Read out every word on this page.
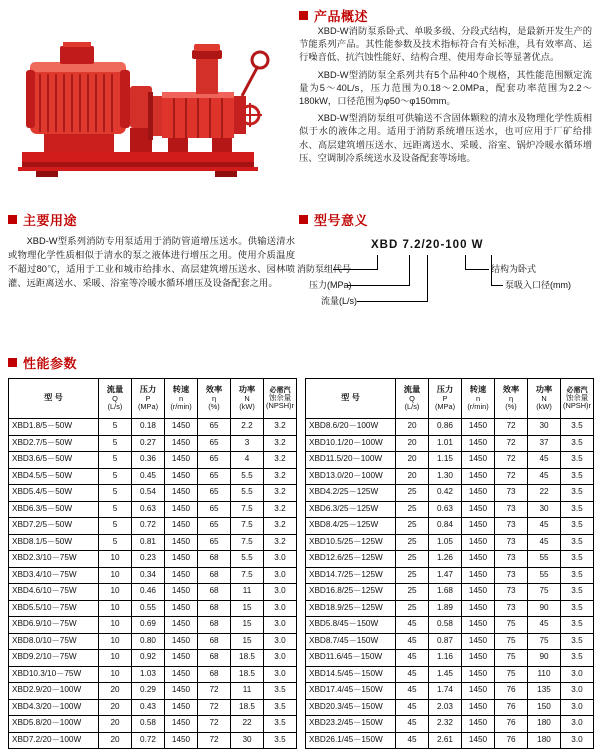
产品概述

XBD-W消防泵系卧式、单吸多级、分段式结构，是最新开发生产的节能系列产品。其性能参数及技术指标符合有关标准，具有效率高、运行噪音低、抗汽蚀性能好、结构合理、使用寿命长等显著优点。

XBD-W型消防泵全系列共有5个品种40个规格，其性能范围额定流量为5～40L/s，压力范围为0.18～2.0MPa，配套功率范围为2.2～180kW，口径范围为φ50～φ150mm。

XBD-W型消防泵组可供输送不含固体颗粒的清水及物理化学性质相似于水的液体之用。适用于消防系统增压送水，也可应用于厂矿给排水、高层建筑增压送水、远距离送水、采暖、浴室、锅炉冷暖水循环增压、空调制冷系统送水及设备配套等场地。

主要用途

XBD-W型系列消防专用泵适用于消防管道增压送水。供输送清水或物理化学性质相似于清水的泵之液体进行增压之用。使用介质温度不超过80℃，适用于工业和城市给排水、高层建筑增压送水、园林喷灌、远距离送水、采暖、浴室等冷暖水循环增压及设备配套之用。

型号意义
XBD 7.2/20-100 W
消防泵组代号
压力(MPa)
流量(L/s)
结构为卧式
泵吸入口径(mm)
性能参数
型 号	流量
Q
(L/s)	压力
P
(MPa)	转速
n
(r/min)	效率
η
(%)	功率
N
(kW)	必需汽
蚀余量
(NPSH)r

XBD1.8/5－50W	5	0.18	1450	65	2.2	3.2
XBD2.7/5－50W	5	0.27	1450	65	3	3.2
XBD3.6/5－50W	5	0.36	1450	65	4	3.2
XBD4.5/5－50W	5	0.45	1450	65	5.5	3.2
XBD5.4/5－50W	5	0.54	1450	65	5.5	3.2
XBD6.3/5－50W	5	0.63	1450	65	7.5	3.2
XBD7.2/5－50W	5	0.72	1450	65	7.5	3.2
XBD8.1/5－50W	5	0.81	1450	65	7.5	3.2
XBD2.3/10－75W	10	0.23	1450	68	5.5	3.0
XBD3.4/10－75W	10	0.34	1450	68	7.5	3.0
XBD4.6/10－75W	10	0.46	1450	68	11	3.0
XBD5.5/10－75W	10	0.55	1450	68	15	3.0
XBD6.9/10－75W	10	0.69	1450	68	15	3.0
XBD8.0/10－75W	10	0.80	1450	68	15	3.0
XBD9.2/10－75W	10	0.92	1450	68	18.5	3.0
XBD10.3/10－75W	10	1.03	1450	68	18.5	3.0
XBD2.9/20－100W	20	0.29	1450	72	11	3.5
XBD4.3/20－100W	20	0.43	1450	72	18.5	3.5
XBD5.8/20－100W	20	0.58	1450	72	22	3.5
XBD7.2/20－100W	20	0.72	1450	72	30	3.5
型 号	流量
Q
(L/s)	压力
P
(MPa)	转速
n
(r/min)	效率
η
(%)	功率
N
(kW)	必需汽
蚀余量
(NPSH)r

XBD8.6/20－100W	20	0.86	1450	72	30	3.5
XBD10.1/20－100W	20	1.01	1450	72	37	3.5
XBD11.5/20－100W	20	1.15	1450	72	45	3.5
XBD13.0/20－100W	20	1.30	1450	72	45	3.5
XBD4.2/25－125W	25	0.42	1450	73	22	3.5
XBD6.3/25－125W	25	0.63	1450	73	30	3.5
XBD8.4/25－125W	25	0.84	1450	73	45	3.5
XBD10.5/25－125W	25	1.05	1450	73	45	3.5
XBD12.6/25－125W	25	1.26	1450	73	55	3.5
XBD14.7/25－125W	25	1.47	1450	73	55	3.5
XBD16.8/25－125W	25	1.68	1450	73	75	3.5
XBD18.9/25－125W	25	1.89	1450	73	90	3.5
XBD5.8/45－150W	45	0.58	1450	75	45	3.5
XBD8.7/45－150W	45	0.87	1450	75	75	3.5
XBD11.6/45－150W	45	1.16	1450	75	90	3.5
XBD14.5/45－150W	45	1.45	1450	75	110	3.0
XBD17.4/45－150W	45	1.74	1450	76	135	3.0
XBD20.3/45－150W	45	2.03	1450	76	150	3.0
XBD23.2/45－150W	45	2.32	1450	76	180	3.0
XBD26.1/45－150W	45	2.61	1450	76	180	3.0
